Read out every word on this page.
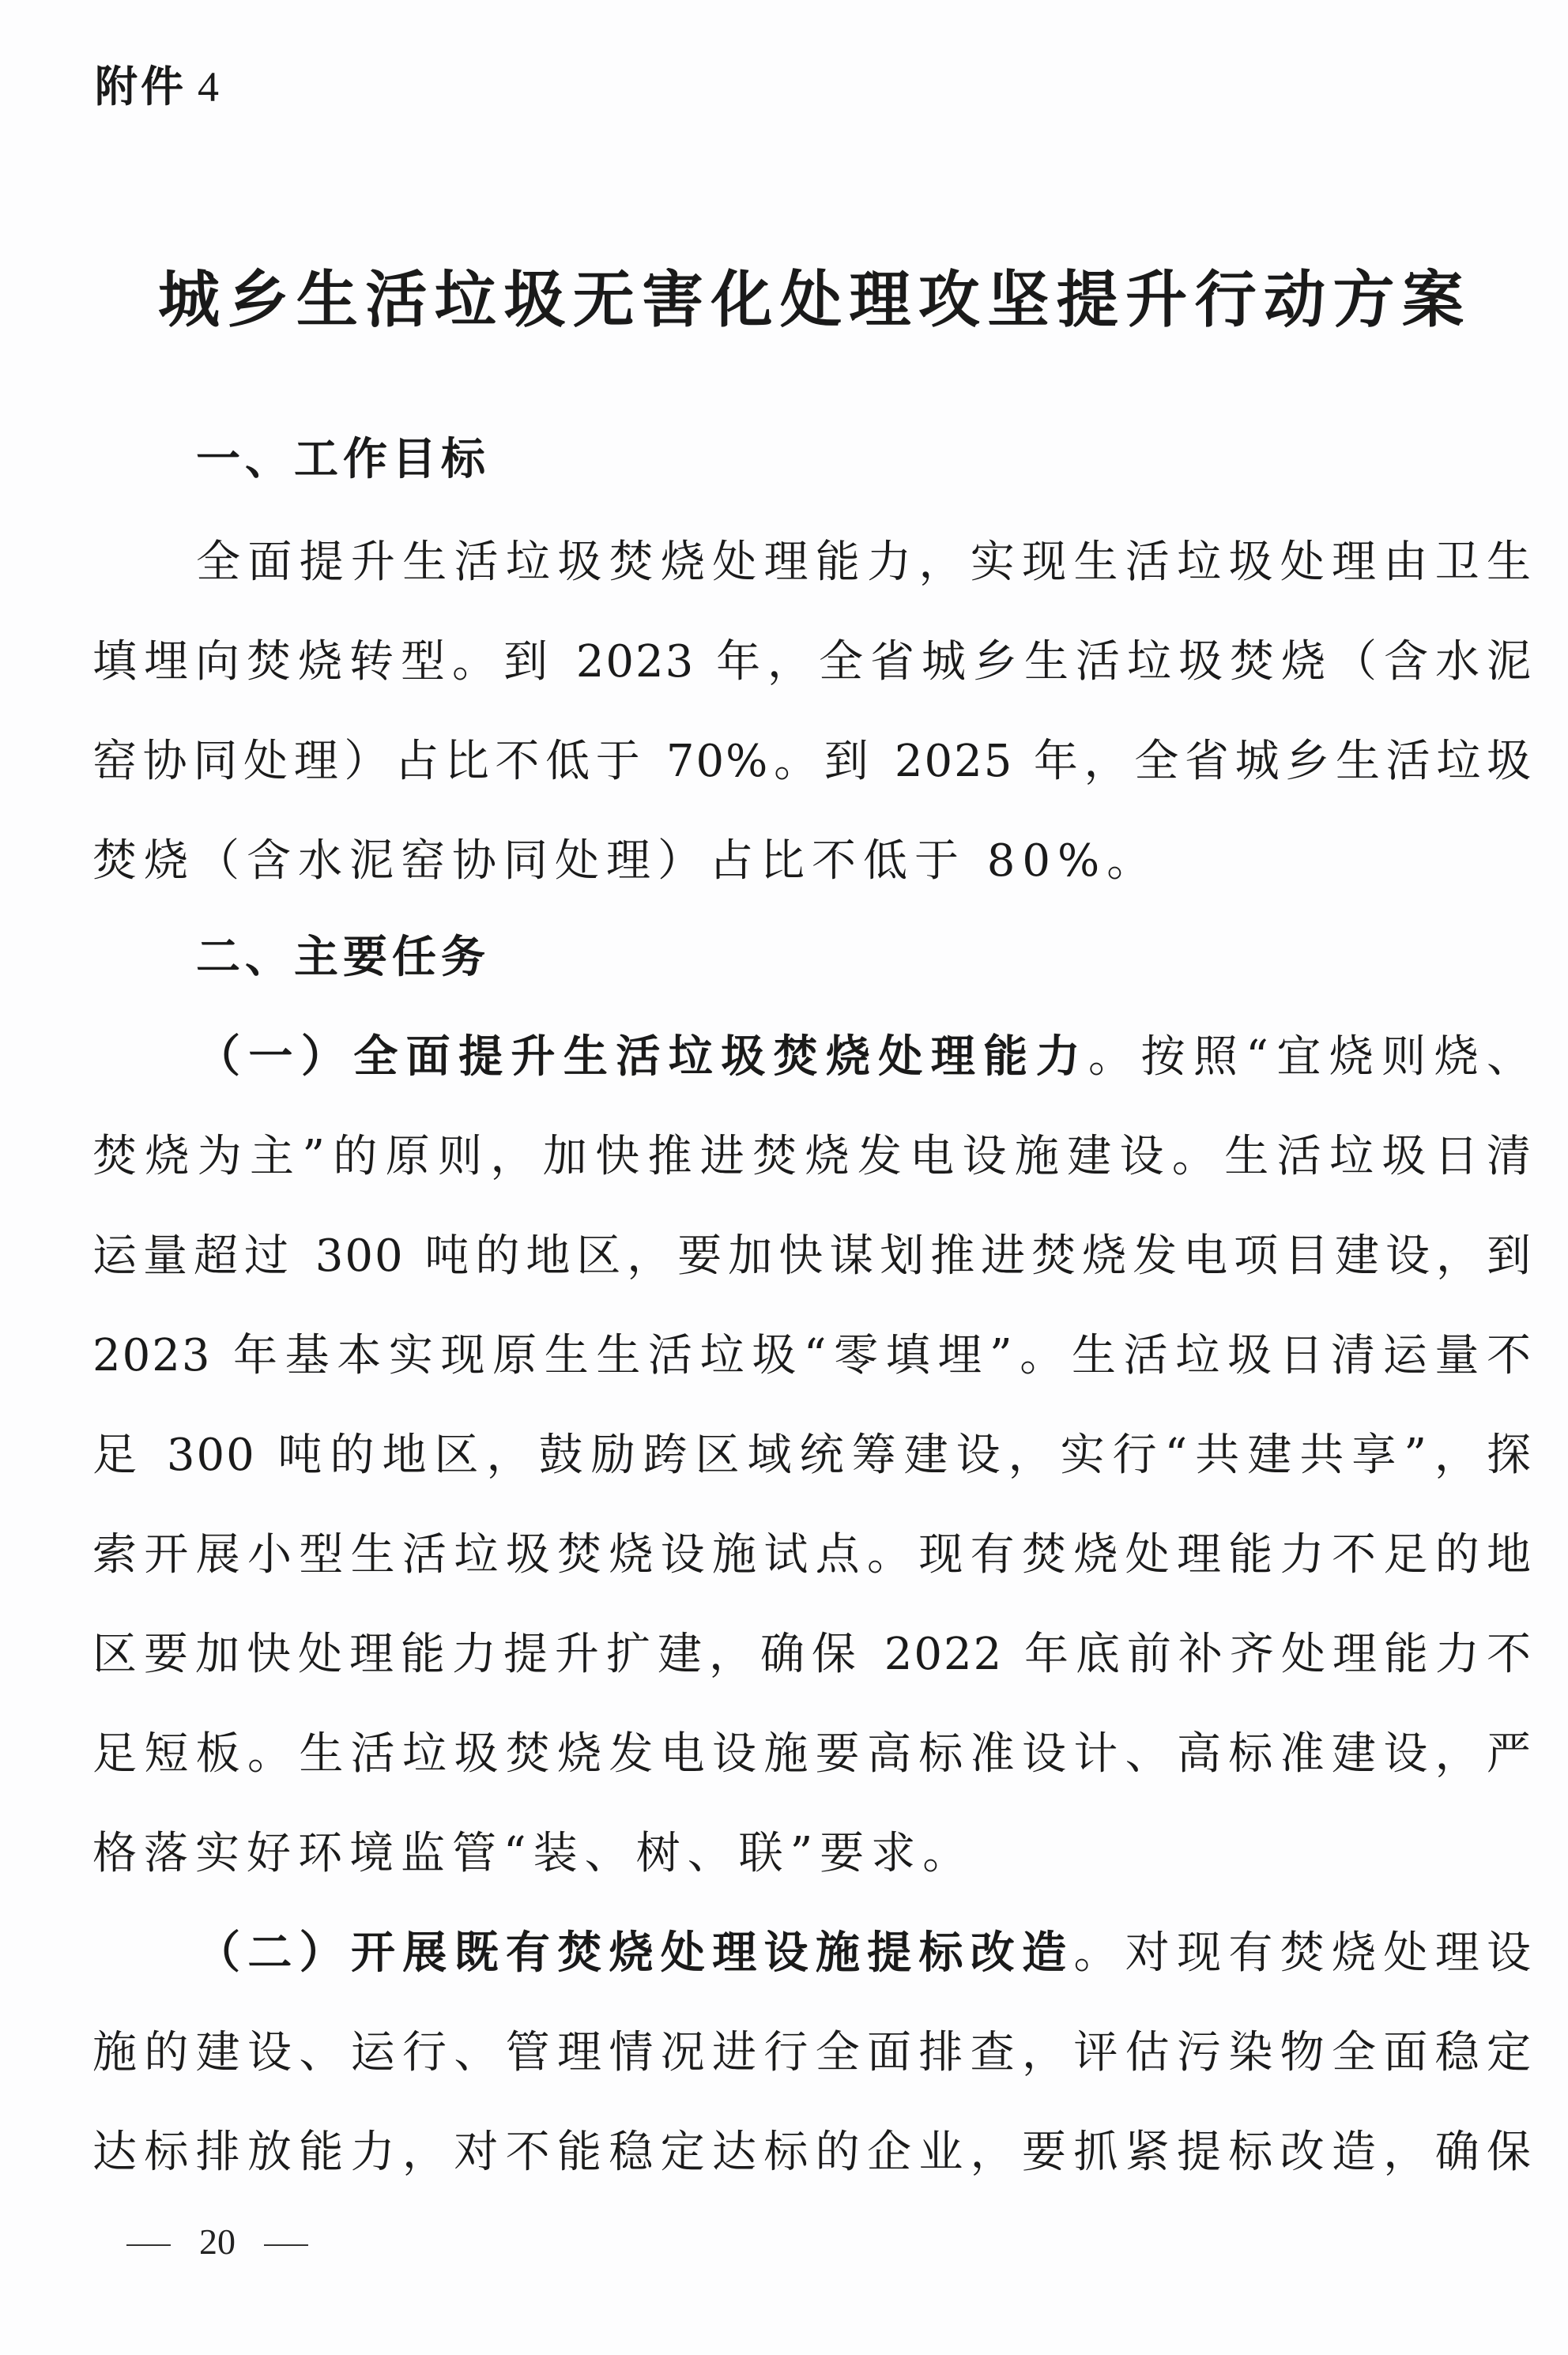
附件 4
城乡生活垃圾无害化处理攻坚提升行动方案
一、工作目标
全面提升生活垃圾焚烧处理能力，实现生活垃圾处理由卫生
填埋向焚烧转型。到 2023 年，全省城乡生活垃圾焚烧（含水泥
窑协同处理）占比不低于 70%。到 2025 年，全省城乡生活垃圾
焚烧（含水泥窑协同处理）占比不低于 80%。
二、主要任务
（一）全面提升生活垃圾焚烧处理能力。按照“宜烧则烧、
焚烧为主”的原则，加快推进焚烧发电设施建设。生活垃圾日清
运量超过 300 吨的地区，要加快谋划推进焚烧发电项目建设，到
2023 年基本实现原生生活垃圾“零填埋”。生活垃圾日清运量不
足 300 吨的地区，鼓励跨区域统筹建设，实行“共建共享”，探
索开展小型生活垃圾焚烧设施试点。现有焚烧处理能力不足的地
区要加快处理能力提升扩建，确保 2022 年底前补齐处理能力不
足短板。生活垃圾焚烧发电设施要高标准设计、高标准建设，严
格落实好环境监管“装、树、联”要求。
（二）开展既有焚烧处理设施提标改造。对现有焚烧处理设
施的建设、运行、管理情况进行全面排查，评估污染物全面稳定
达标排放能力，对不能稳定达标的企业，要抓紧提标改造，确保
20
